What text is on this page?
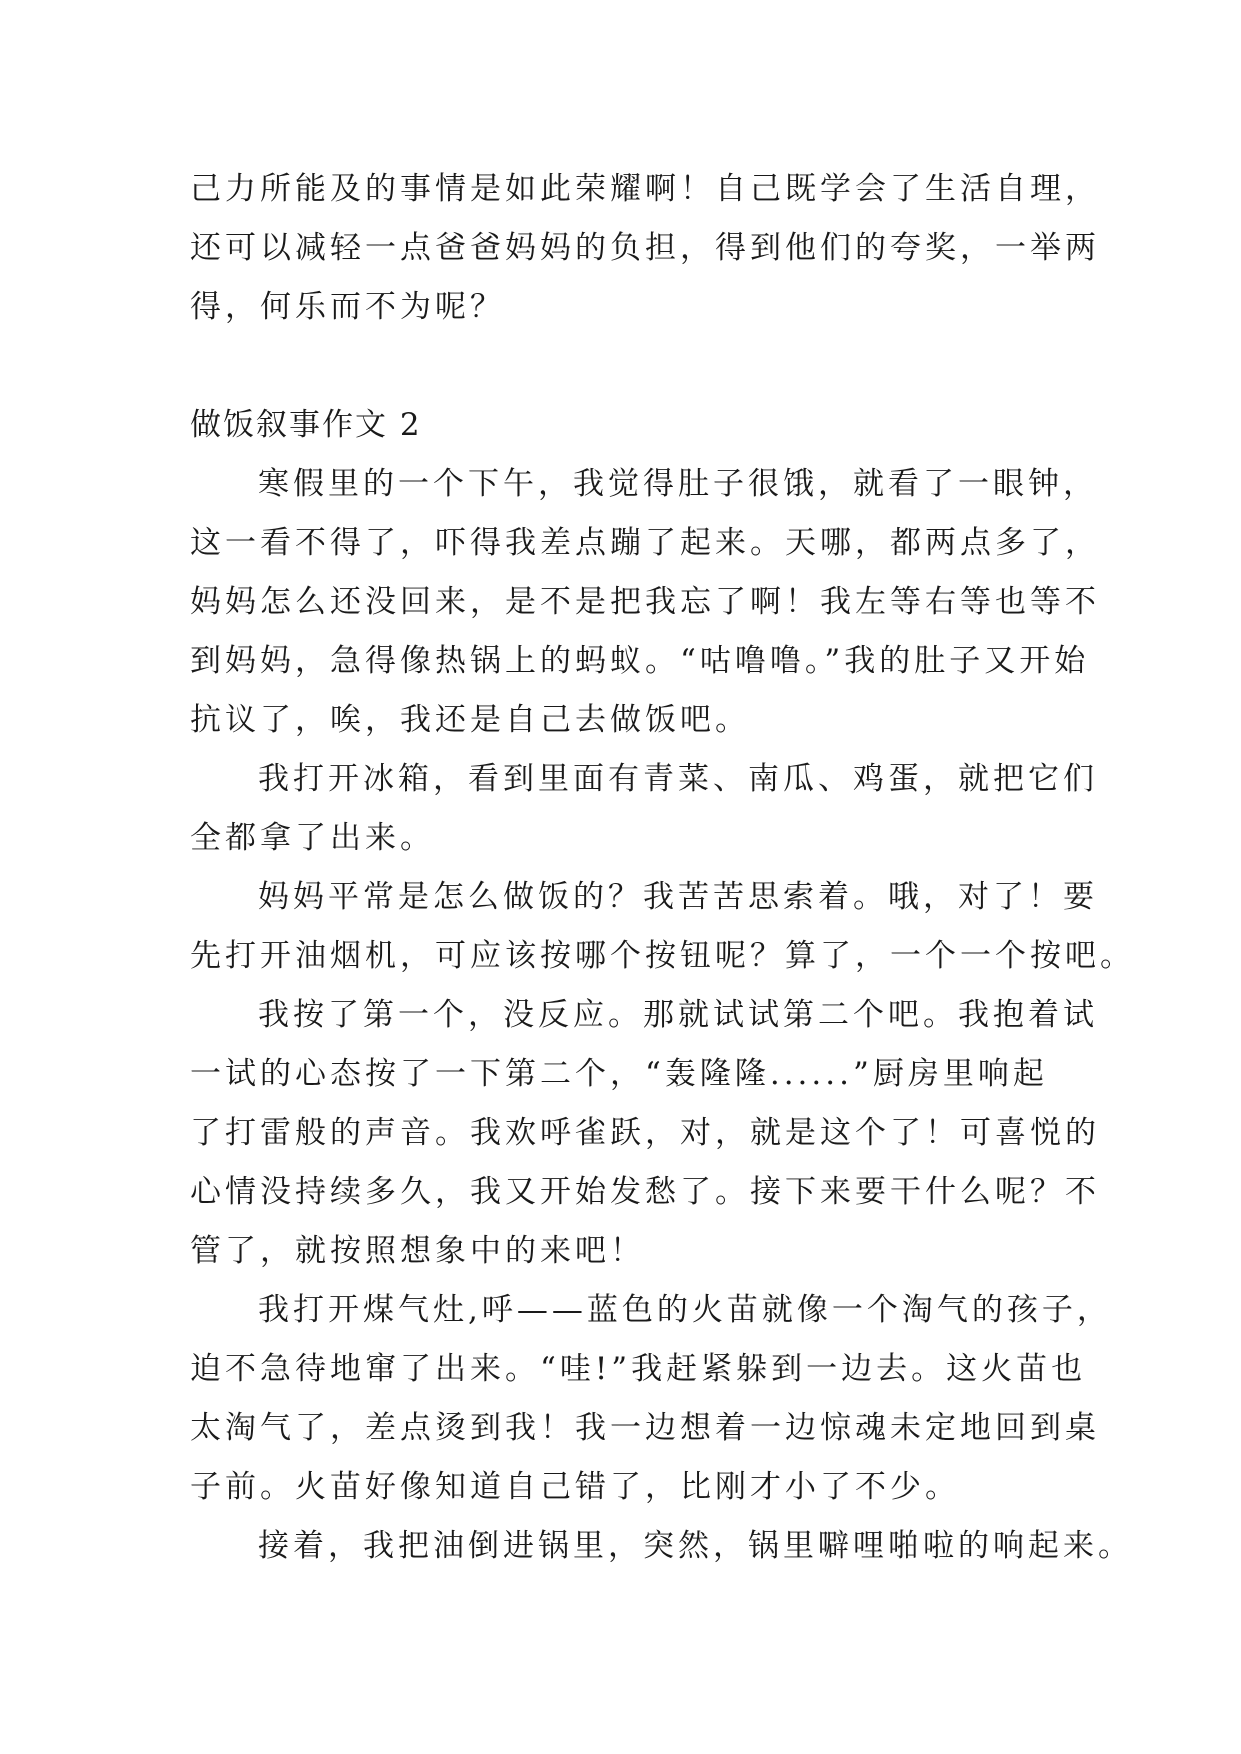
己力所能及的事情是如此荣耀啊！自己既学会了生活自理，
还可以减轻一点爸爸妈妈的负担，得到他们的夸奖，一举两
得，何乐而不为呢？
做饭叙事作文 2
寒假里的一个下午，我觉得肚子很饿，就看了一眼钟，
这一看不得了，吓得我差点蹦了起来。天哪，都两点多了，
妈妈怎么还没回来，是不是把我忘了啊！我左等右等也等不
到妈妈，急得像热锅上的蚂蚁。“咕噜噜。”我的肚子又开始
抗议了，唉，我还是自己去做饭吧。
我打开冰箱，看到里面有青菜、南瓜、鸡蛋，就把它们
全都拿了出来。
妈妈平常是怎么做饭的？我苦苦思索着。哦，对了！要
先打开油烟机，可应该按哪个按钮呢？算了，一个一个按吧。
我按了第一个，没反应。那就试试第二个吧。我抱着试
一试的心态按了一下第二个，“轰隆隆......”厨房里响起
了打雷般的声音。我欢呼雀跃，对，就是这个了！可喜悦的
心情没持续多久，我又开始发愁了。接下来要干什么呢？不
管了，就按照想象中的来吧！
我打开煤气灶,呼——蓝色的火苗就像一个淘气的孩子，
迫不急待地窜了出来。“哇!”我赶紧躲到一边去。这火苗也
太淘气了，差点烫到我！我一边想着一边惊魂未定地回到桌
子前。火苗好像知道自己错了，比刚才小了不少。
接着，我把油倒进锅里，突然，锅里噼哩啪啦的响起来。
